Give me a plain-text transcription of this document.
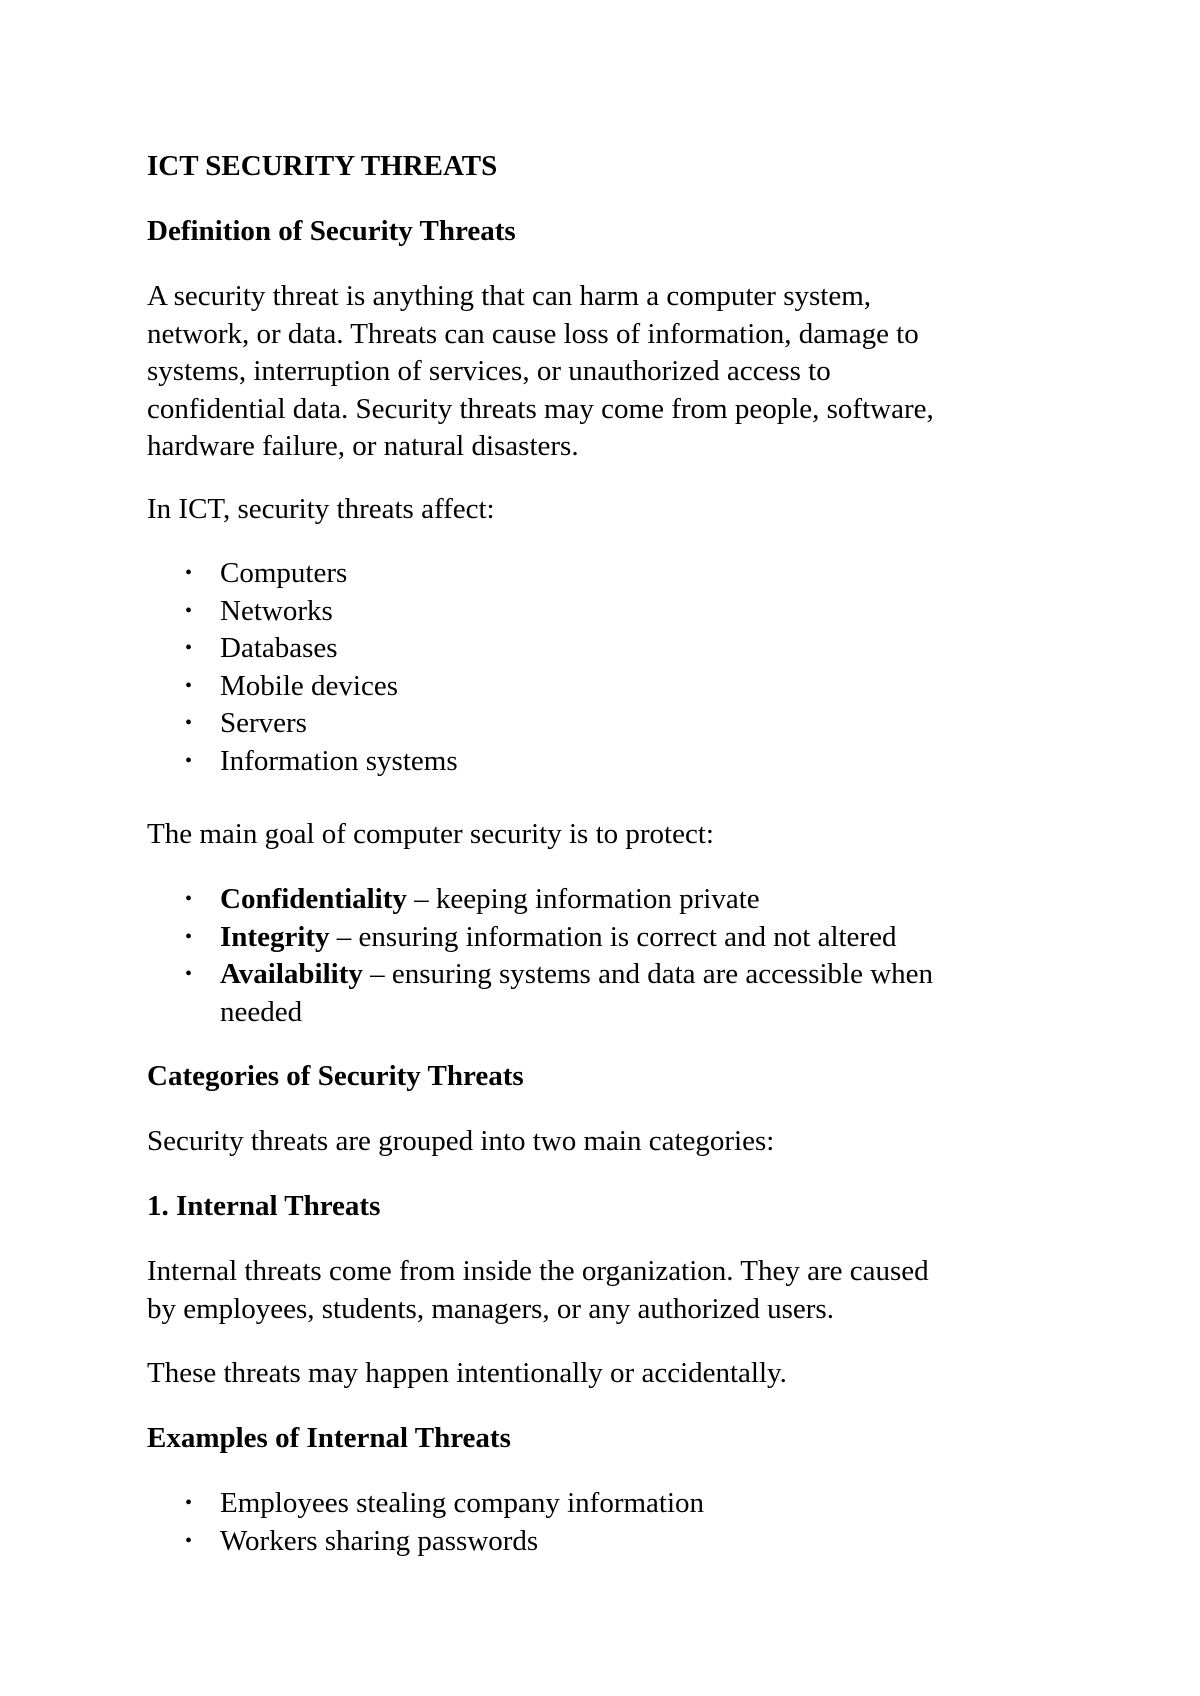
ICT SECURITY THREATS

Definition of Security Threats

A security threat is anything that can harm a computer system,
network, or data. Threats can cause loss of information, damage to
systems, interruption of services, or unauthorized access to
confidential data. Security threats may come from people, software,
hardware failure, or natural disasters.

In ICT, security threats affect:

• Computers
• Networks
• Databases
• Mobile devices
• Servers
• Information systems

The main goal of computer security is to protect:

• Confidentiality – keeping information private
• Integrity – ensuring information is correct and not altered
• Availability – ensuring systems and data are accessible when
needed

Categories of Security Threats

Security threats are grouped into two main categories:

1. Internal Threats

Internal threats come from inside the organization. They are caused
by employees, students, managers, or any authorized users.

These threats may happen intentionally or accidentally.

Examples of Internal Threats

• Employees stealing company information
• Workers sharing passwords
